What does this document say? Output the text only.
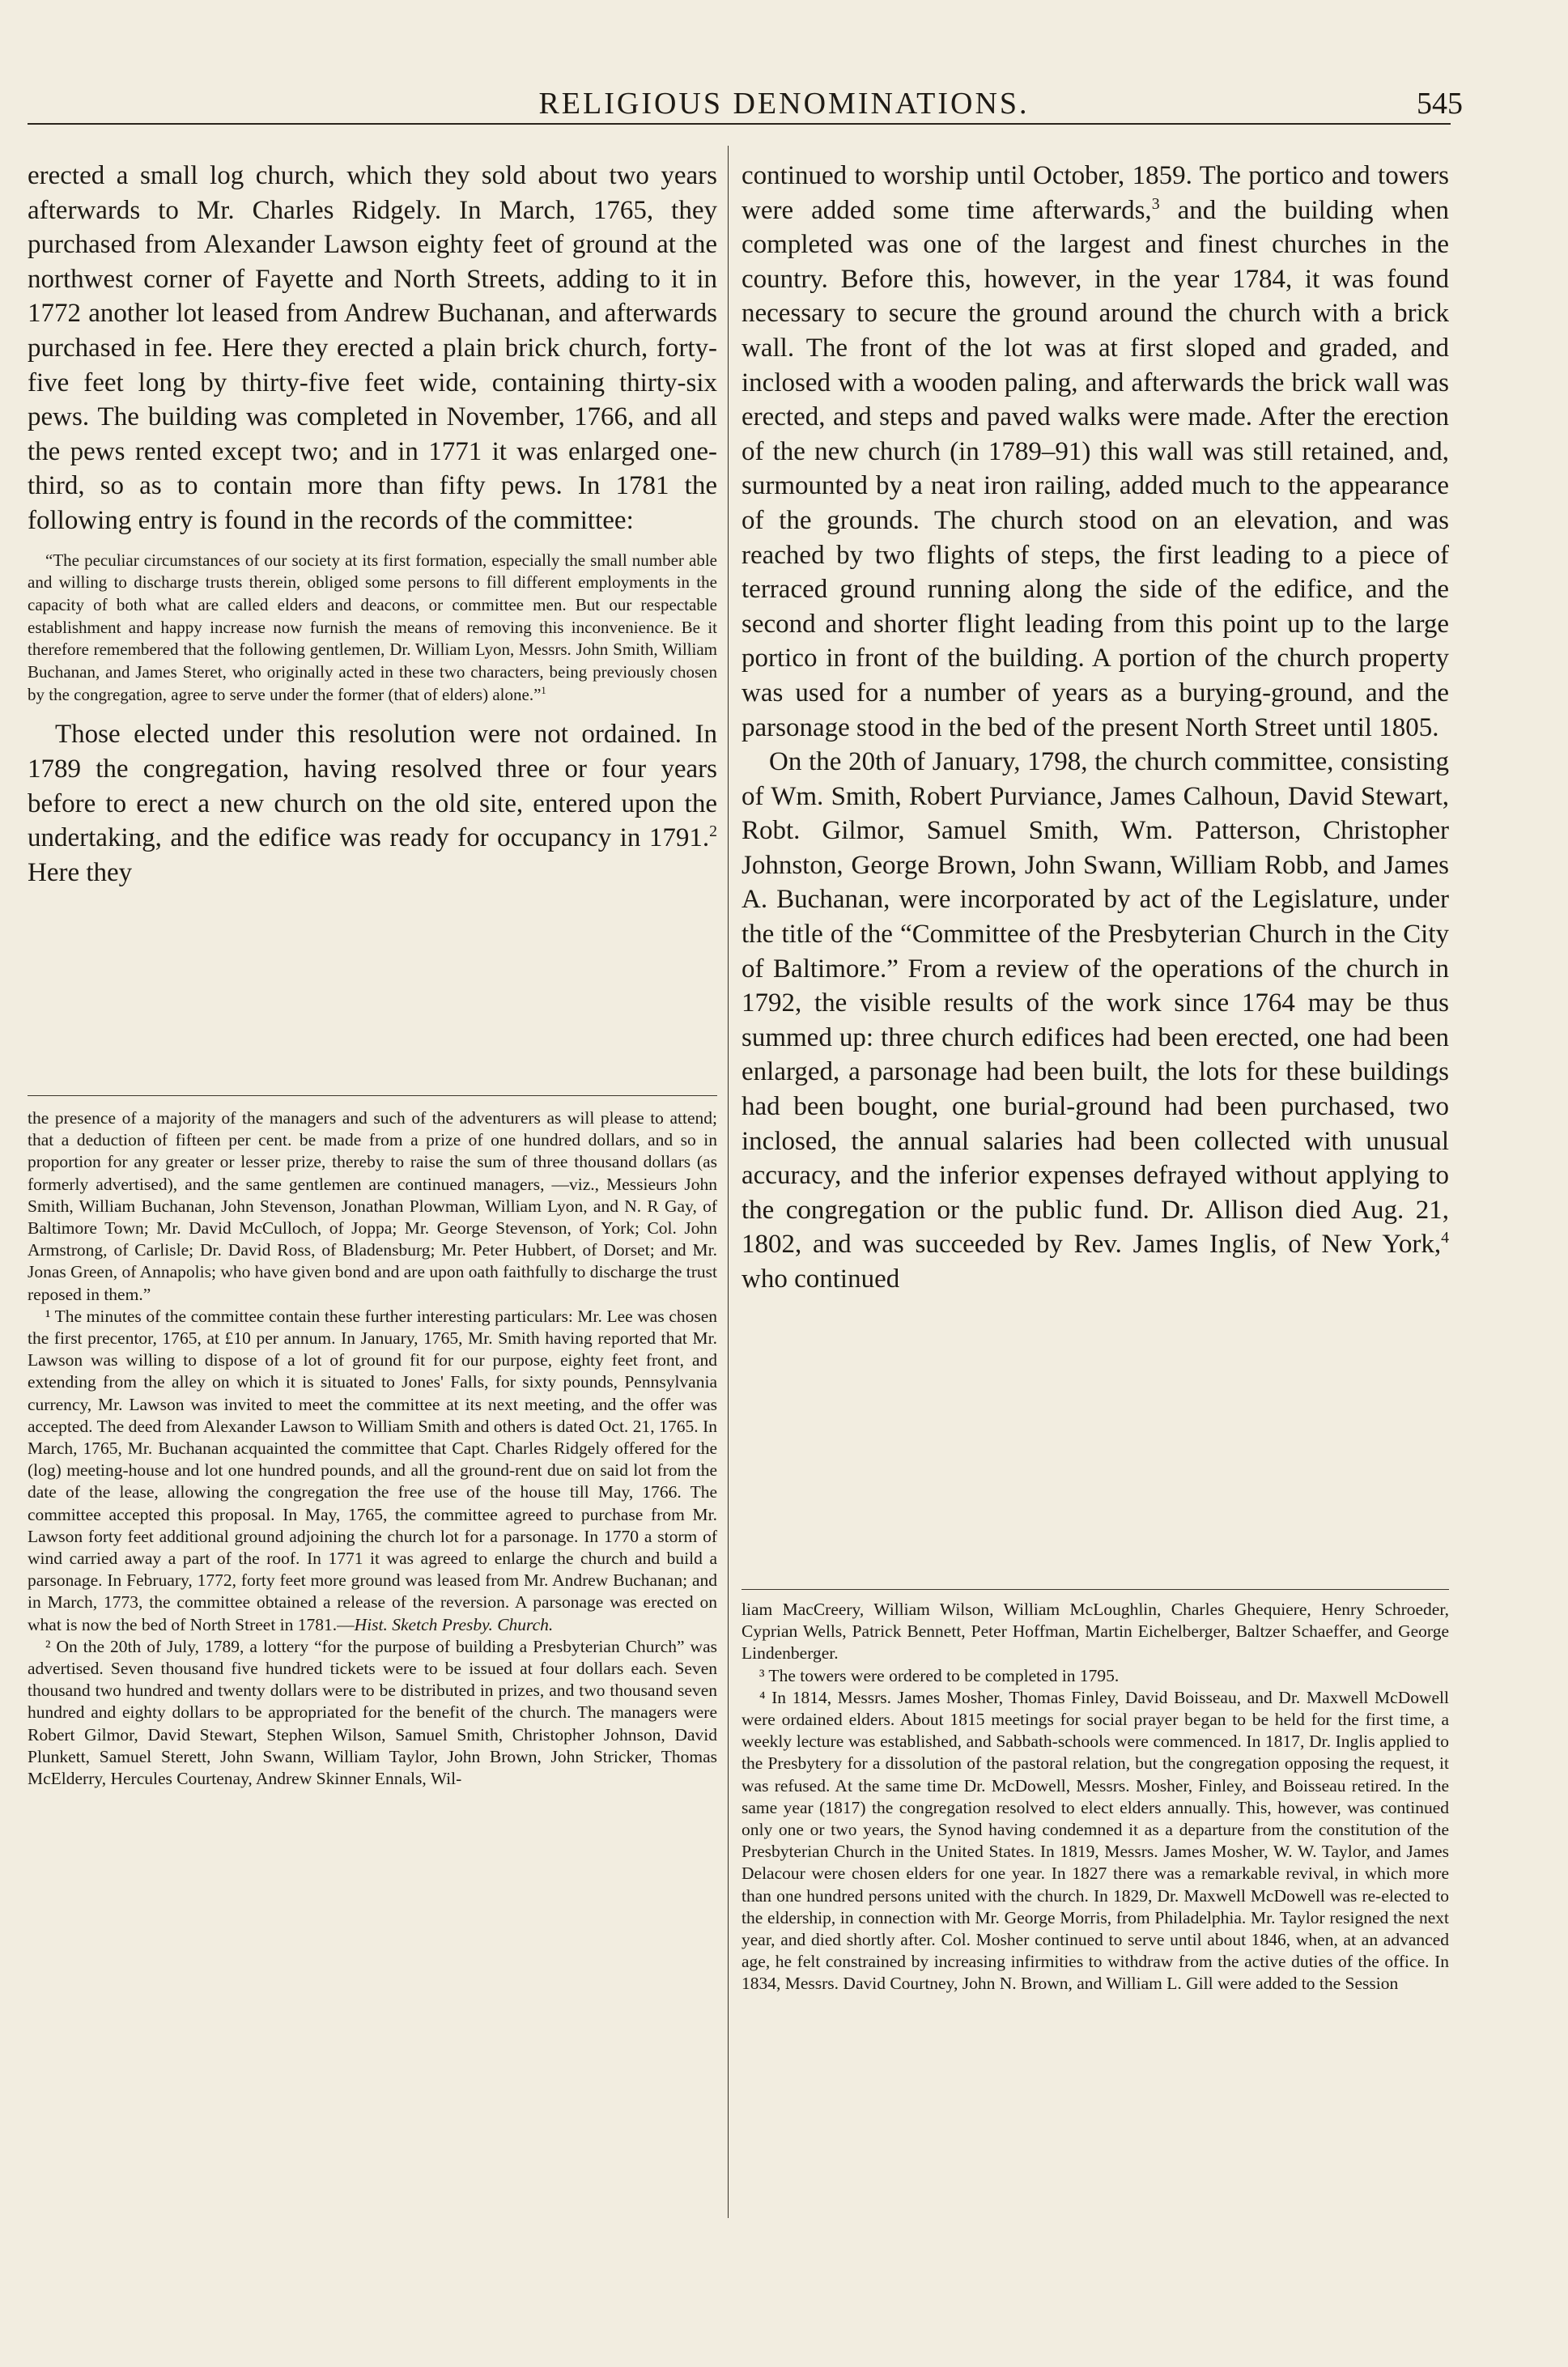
RELIGIOUS DENOMINATIONS.	545

erected a small log church, which they sold about two years afterwards to Mr. Charles Ridgely. In March, 1765, they purchased from Alexander Lawson eighty feet of ground at the northwest corner of Fayette and North Streets, adding to it in 1772 another lot leased from Andrew Buchanan, and afterwards purchased in fee. Here they erected a plain brick church, forty-five feet long by thirty-five feet wide, containing thirty-six pews. The building was completed in November, 1766, and all the pews rented except two; and in 1771 it was enlarged one-third, so as to contain more than fifty pews. In 1781 the following entry is found in the records of the committee:

“The peculiar circumstances of our society at its first formation, especially the small number able and willing to discharge trusts therein, obliged some persons to fill different employments in the capacity of both what are called elders and deacons, or committee men. But our respectable establishment and happy increase now furnish the means of removing this inconvenience. Be it therefore remembered that the following gentlemen, Dr. William Lyon, Messrs. John Smith, William Buchanan, and James Steret, who originally acted in these two characters, being previously chosen by the congregation, agree to serve under the former (that of elders) alone.”$^1$

Those elected under this resolution were not ordained. In 1789 the congregation, having resolved three or four years before to erect a new church on the old site, entered upon the undertaking, and the edifice was ready for occupancy in 1791.$^2$ Here they

the presence of a majority of the managers and such of the adventurers as will please to attend; that a deduction of fifteen per cent. be made from a prize of one hundred dollars, and so in proportion for any greater or lesser prize, thereby to raise the sum of three thousand dollars (as formerly advertised), and the same gentlemen are continued managers, —viz., Messieurs John Smith, William Buchanan, John Stevenson, Jonathan Plowman, William Lyon, and N. R Gay, of Baltimore Town; Mr. David McCulloch, of Joppa; Mr. George Stevenson, of York; Col. John Armstrong, of Carlisle; Dr. David Ross, of Bladensburg; Mr. Peter Hubbert, of Dorset; and Mr. Jonas Green, of Annapolis; who have given bond and are upon oath faithfully to discharge the trust reposed in them.”

¹ The minutes of the committee contain these further interesting particulars: Mr. Lee was chosen the first precentor, 1765, at £10 per annum. In January, 1765, Mr. Smith having reported that Mr. Lawson was willing to dispose of a lot of ground fit for our purpose, eighty feet front, and extending from the alley on which it is situated to Jones' Falls, for sixty pounds, Pennsylvania currency, Mr. Lawson was invited to meet the committee at its next meeting, and the offer was accepted. The deed from Alexander Lawson to William Smith and others is dated Oct. 21, 1765. In March, 1765, Mr. Buchanan acquainted the committee that Capt. Charles Ridgely offered for the (log) meeting-house and lot one hundred pounds, and all the ground-rent due on said lot from the date of the lease, allowing the congregation the free use of the house till May, 1766. The committee accepted this proposal. In May, 1765, the committee agreed to purchase from Mr. Lawson forty feet additional ground adjoining the church lot for a parsonage. In 1770 a storm of wind carried away a part of the roof. In 1771 it was agreed to enlarge the church and build a parsonage. In February, 1772, forty feet more ground was leased from Mr. Andrew Buchanan; and in March, 1773, the committee obtained a release of the reversion. A parsonage was erected on what is now the bed of North Street in 1781.—Hist. Sketch Presby. Church.

² On the 20th of July, 1789, a lottery “for the purpose of building a Presbyterian Church” was advertised. Seven thousand five hundred tickets were to be issued at four dollars each. Seven thousand two hundred and twenty dollars were to be distributed in prizes, and two thousand seven hundred and eighty dollars to be appropriated for the benefit of the church. The managers were Robert Gilmor, David Stewart, Stephen Wilson, Samuel Smith, Christopher Johnson, David Plunkett, Samuel Sterett, John Swann, William Taylor, John Brown, John Stricker, Thomas McElderry, Hercules Courtenay, Andrew Skinner Ennals, Wil-

continued to worship until October, 1859. The portico and towers were added some time afterwards,$^3$ and the building when completed was one of the largest and finest churches in the country. Before this, however, in the year 1784, it was found necessary to secure the ground around the church with a brick wall. The front of the lot was at first sloped and graded, and inclosed with a wooden paling, and afterwards the brick wall was erected, and steps and paved walks were made. After the erection of the new church (in 1789–91) this wall was still retained, and, surmounted by a neat iron railing, added much to the appearance of the grounds. The church stood on an elevation, and was reached by two flights of steps, the first leading to a piece of terraced ground running along the side of the edifice, and the second and shorter flight leading from this point up to the large portico in front of the building. A portion of the church property was used for a number of years as a burying-ground, and the parsonage stood in the bed of the present North Street until 1805.

On the 20th of January, 1798, the church committee, consisting of Wm. Smith, Robert Purviance, James Calhoun, David Stewart, Robt. Gilmor, Samuel Smith, Wm. Patterson, Christopher Johnston, George Brown, John Swann, William Robb, and James A. Buchanan, were incorporated by act of the Legislature, under the title of the “Committee of the Presbyterian Church in the City of Baltimore.” From a review of the operations of the church in 1792, the visible results of the work since 1764 may be thus summed up: three church edifices had been erected, one had been enlarged, a parsonage had been built, the lots for these buildings had been bought, one burial-ground had been purchased, two inclosed, the annual salaries had been collected with unusual accuracy, and the inferior expenses defrayed without applying to the congregation or the public fund. Dr. Allison died Aug. 21, 1802, and was succeeded by Rev. James Inglis, of New York,$^4$ who continued

liam MacCreery, William Wilson, William McLoughlin, Charles Ghequiere, Henry Schroeder, Cyprian Wells, Patrick Bennett, Peter Hoffman, Martin Eichelberger, Baltzer Schaeffer, and George Lindenberger.

³ The towers were ordered to be completed in 1795.

⁴ In 1814, Messrs. James Mosher, Thomas Finley, David Boisseau, and Dr. Maxwell McDowell were ordained elders. About 1815 meetings for social prayer began to be held for the first time, a weekly lecture was established, and Sabbath-schools were commenced. In 1817, Dr. Inglis applied to the Presbytery for a dissolution of the pastoral relation, but the congregation opposing the request, it was refused. At the same time Dr. McDowell, Messrs. Mosher, Finley, and Boisseau retired. In the same year (1817) the congregation resolved to elect elders annually. This, however, was continued only one or two years, the Synod having condemned it as a departure from the constitution of the Presbyterian Church in the United States. In 1819, Messrs. James Mosher, W. W. Taylor, and James Delacour were chosen elders for one year. In 1827 there was a remarkable revival, in which more than one hundred persons united with the church. In 1829, Dr. Maxwell McDowell was re-elected to the eldership, in connection with Mr. George Morris, from Philadelphia. Mr. Taylor resigned the next year, and died shortly after. Col. Mosher continued to serve until about 1846, when, at an advanced age, he felt constrained by increasing infirmities to withdraw from the active duties of the office. In 1834, Messrs. David Courtney, John N. Brown, and William L. Gill were added to the Session
